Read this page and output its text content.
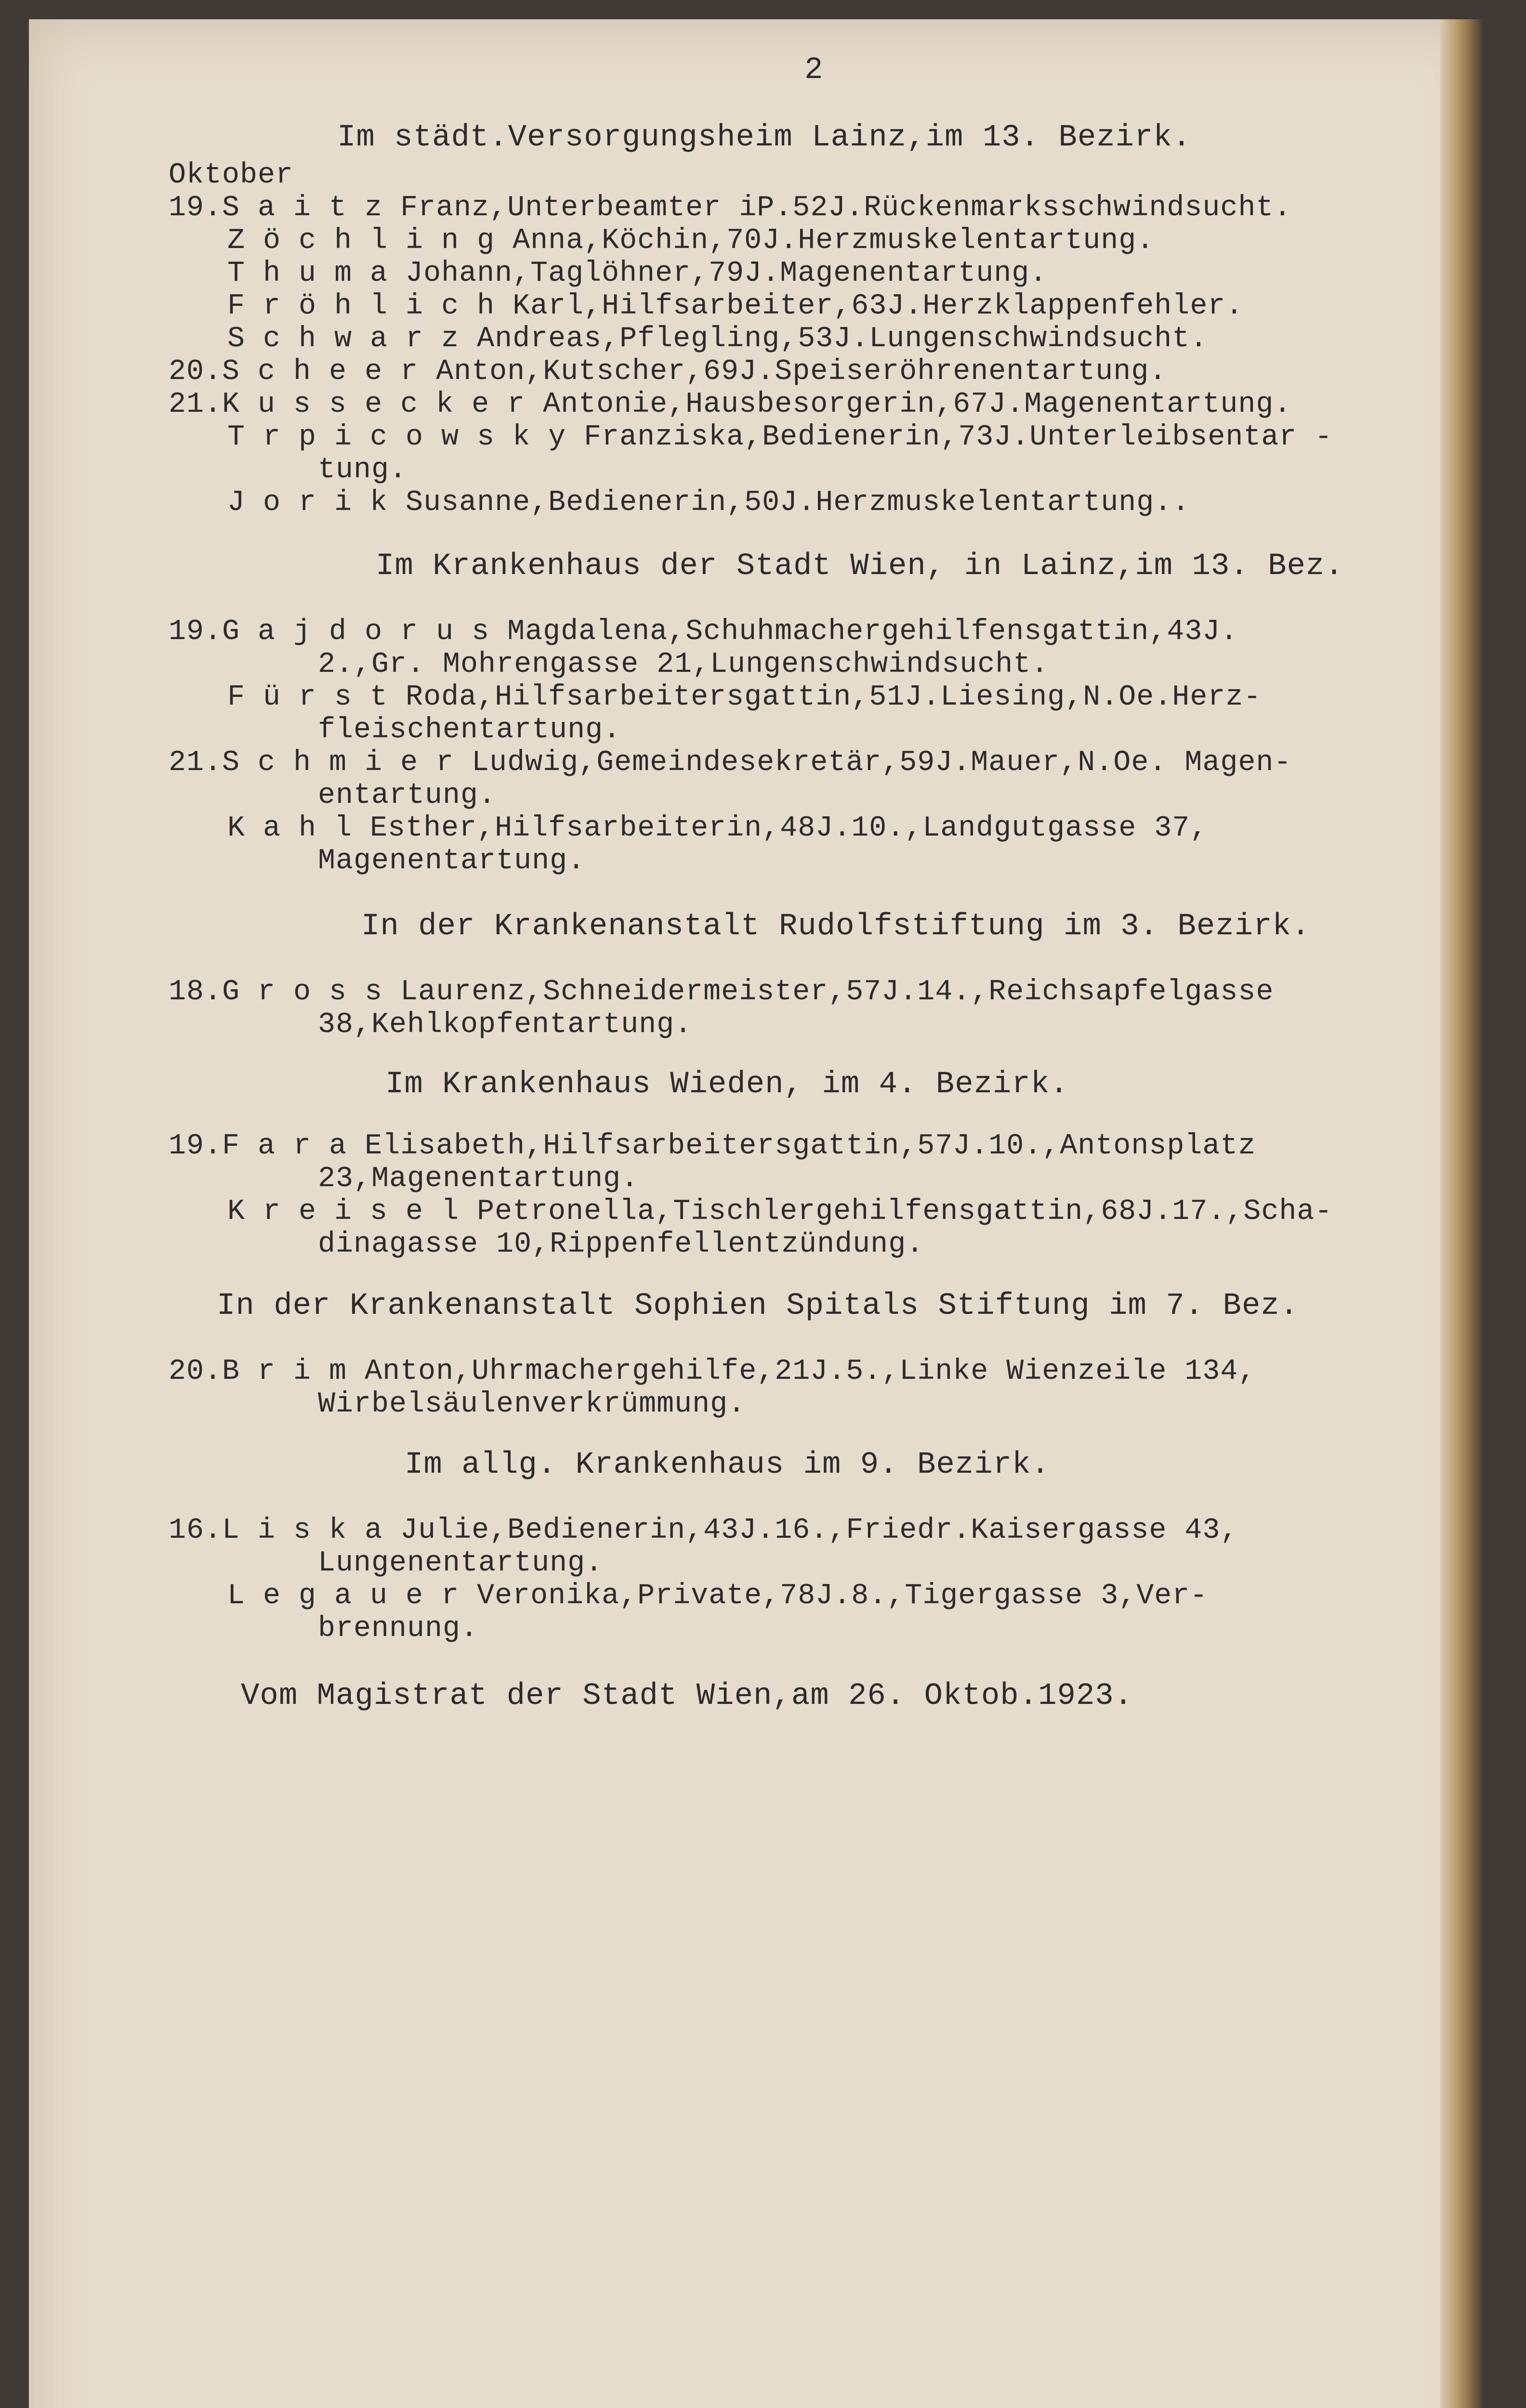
2
Im städt.Versorgungsheim Lainz,im 13. Bezirk.
Oktober
19.S a i t z Franz,Unterbeamter iP.52J.Rückenmarksschwindsucht.
Z ö c h l i n g Anna,Köchin,70J.Herzmuskelentartung.
T h u m a Johann,Taglöhner,79J.Magenentartung.
F r ö h l i c h Karl,Hilfsarbeiter,63J.Herzklappenfehler.
S c h w a r z Andreas,Pflegling,53J.Lungenschwindsucht.
20.S c h e e r Anton,Kutscher,69J.Speiseröhrenentartung.
21.K u s s e c k e r Antonie,Hausbesorgerin,67J.Magenentartung.
T r p i c o w s k y Franziska,Bedienerin,73J.Unterleibsentar -
tung.
J o r i k Susanne,Bedienerin,50J.Herzmuskelentartung..
Im Krankenhaus der Stadt Wien, in Lainz,im 13. Bez.
19.G a j d o r u s Magdalena,Schuhmachergehilfensgattin,43J.
2.,Gr. Mohrengasse 21,Lungenschwindsucht.
F ü r s t Roda,Hilfsarbeitersgattin,51J.Liesing,N.Oe.Herz-
fleischentartung.
21.S c h m i e r Ludwig,Gemeindesekretär,59J.Mauer,N.Oe. Magen-
entartung.
K a h l Esther,Hilfsarbeiterin,48J.10.,Landgutgasse 37,
Magenentartung.
In der Krankenanstalt Rudolfstiftung im 3. Bezirk.
18.G r o s s Laurenz,Schneidermeister,57J.14.,Reichsapfelgasse
38,Kehlkopfentartung.
Im Krankenhaus Wieden, im 4. Bezirk.
19.F a r a Elisabeth,Hilfsarbeitersgattin,57J.10.,Antonsplatz
23,Magenentartung.
K r e i s e l Petronella,Tischlergehilfensgattin,68J.17.,Scha-
dinagasse 10,Rippenfellentzündung.
In der Krankenanstalt Sophien Spitals Stiftung im 7. Bez.
20.B r i m Anton,Uhrmachergehilfe,21J.5.,Linke Wienzeile 134,
Wirbelsäulenverkrümmung.
Im allg. Krankenhaus im 9. Bezirk.
16.L i s k a Julie,Bedienerin,43J.16.,Friedr.Kaisergasse 43,
Lungenentartung.
L e g a u e r Veronika,Private,78J.8.,Tigergasse 3,Ver-
brennung.
Vom Magistrat der Stadt Wien,am 26. Oktob.1923.
